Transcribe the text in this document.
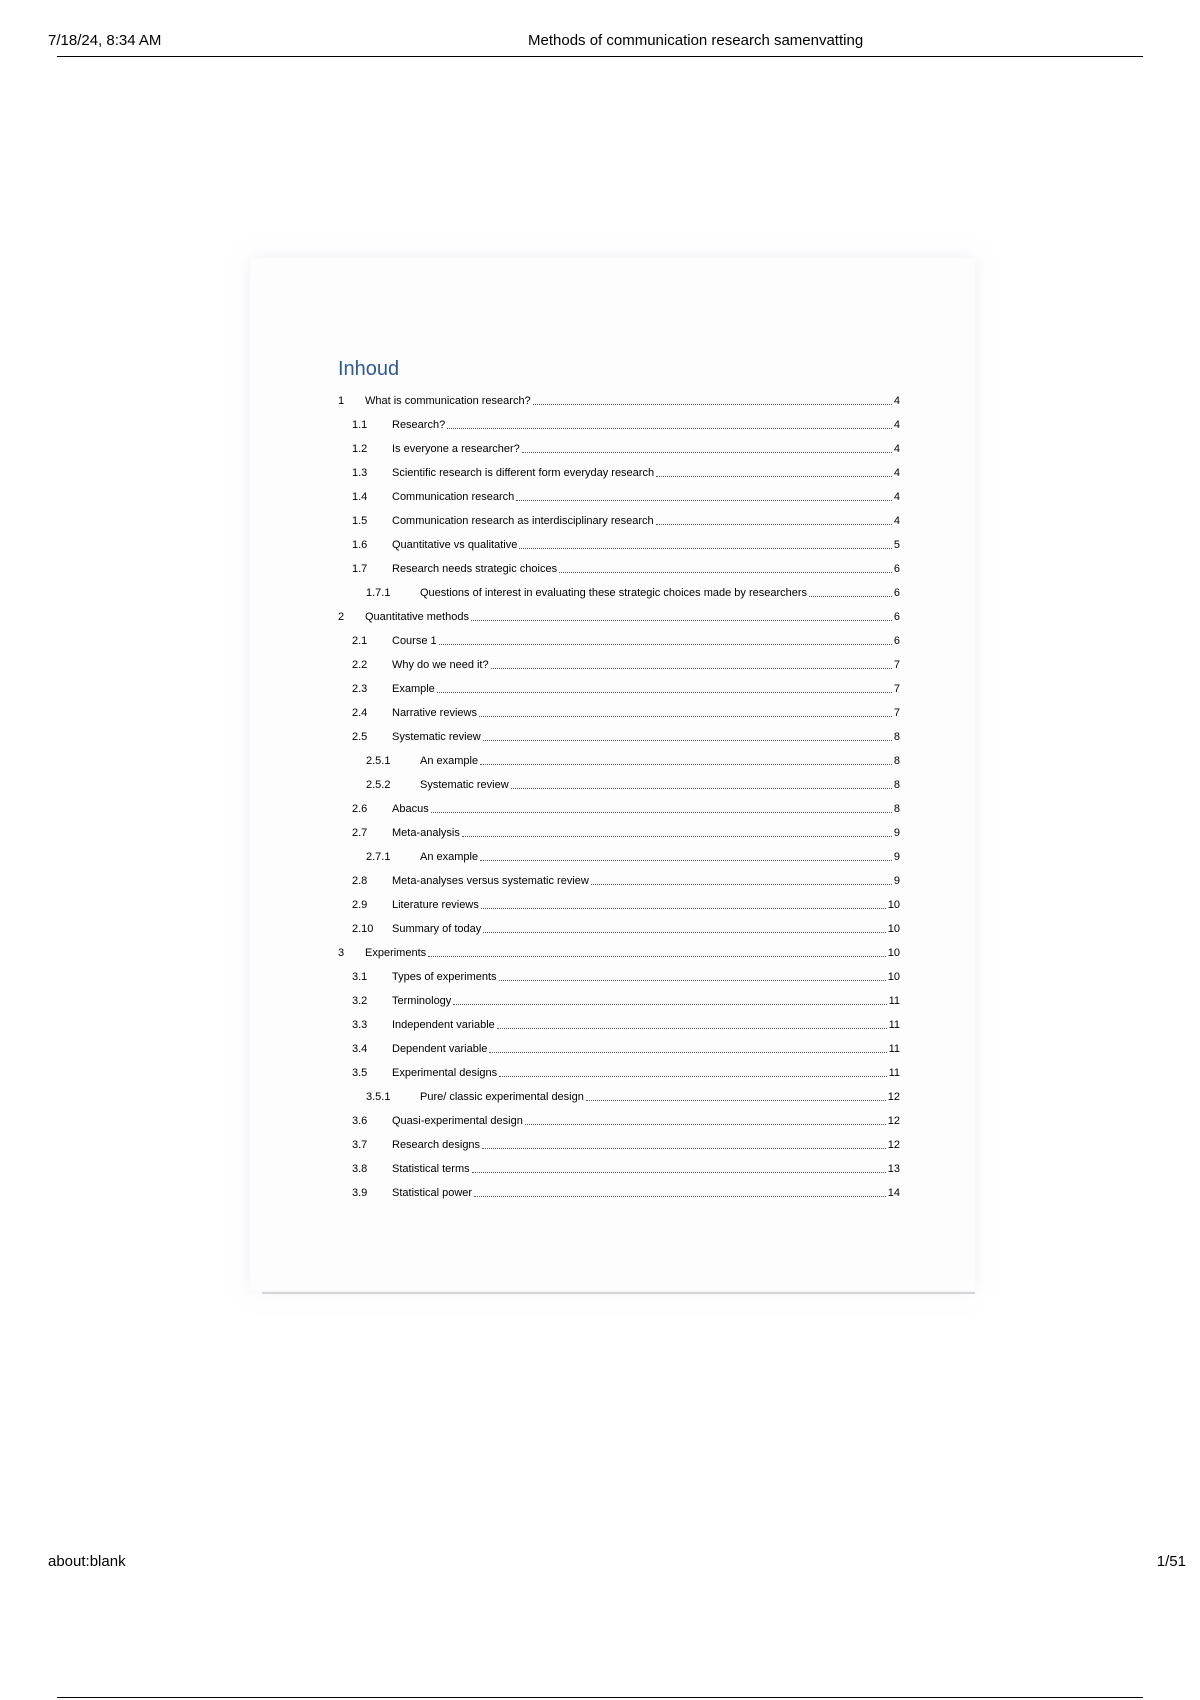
7/18/24, 8:34 AM	Methods of communication research samenvatting
Inhoud
1	What is communication research?	4
1.1	Research?	4
1.2	Is everyone a researcher?	4
1.3	Scientific research is different form everyday research	4
1.4	Communication research	4
1.5	Communication research as interdisciplinary research	4
1.6	Quantitative vs qualitative	5
1.7	Research needs strategic choices	6
1.7.1	Questions of interest in evaluating these strategic choices made by researchers	6
2	Quantitative methods	6
2.1	Course 1	6
2.2	Why do we need it?	7
2.3	Example	7
2.4	Narrative reviews	7
2.5	Systematic review	8
2.5.1	An example	8
2.5.2	Systematic review	8
2.6	Abacus	8
2.7	Meta-analysis	9
2.7.1	An example	9
2.8	Meta-analyses versus systematic review	9
2.9	Literature reviews	10
2.10	Summary of today	10
3	Experiments	10
3.1	Types of experiments	10
3.2	Terminology	11
3.3	Independent variable	11
3.4	Dependent variable	11
3.5	Experimental designs	11
3.5.1	Pure/ classic experimental design	12
3.6	Quasi-experimental design	12
3.7	Research designs	12
3.8	Statistical terms	13
3.9	Statistical power	14
about:blank	1/51
